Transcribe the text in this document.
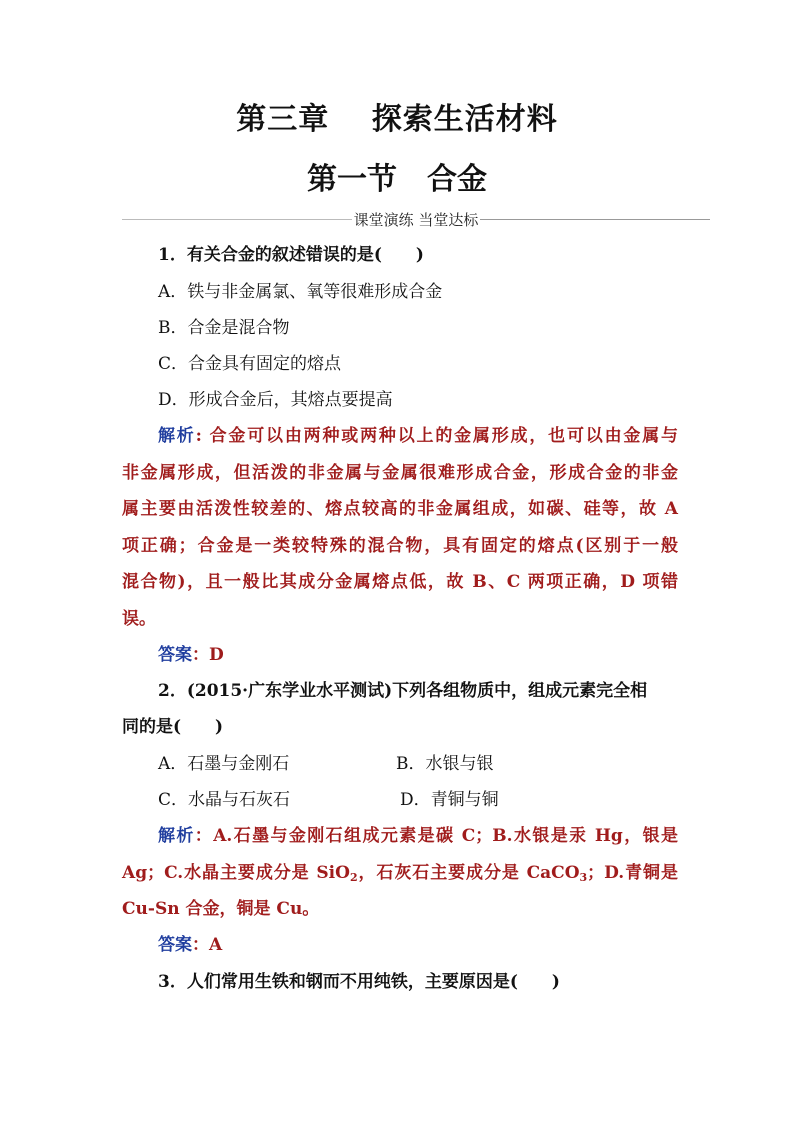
第三章　 探索生活材料
第一节　合金
课堂演练 当堂达标
1．有关合金的叙述错误的是(　　)
A．铁与非金属氯、氧等很难形成合金
B．合金是混合物
C．合金具有固定的熔点
D．形成合金后，其熔点要提高
解析: 合金可以由两种或两种以上的金属形成，也可以由金属与
非金属形成，但活泼的非金属与金属很难形成合金，形成合金的非金
属主要由活泼性较差的、熔点较高的非金属组成，如碳、硅等，故 A
项正确；合金是一类较特殊的混合物，具有固定的熔点(区别于一般
混合物)，且一般比其成分金属熔点低，故 B、C 两项正确，D 项错
误。
答案：D
2．(2015·广东学业水平测试)下列各组物质中，组成元素完全相
同的是(　　)
A．石墨与金刚石	B．水银与银
C．水晶与石灰石	D．青铜与铜
解析：A.石墨与金刚石组成元素是碳 C；B.水银是汞 Hg，银是
Ag；C.水晶主要成分是 SiO$_2$，石灰石主要成分是 CaCO$_3$；D.青铜是
Cu-Sn 合金，铜是 Cu。
答案：A
3．人们常用生铁和钢而不用纯铁，主要原因是(　　)
